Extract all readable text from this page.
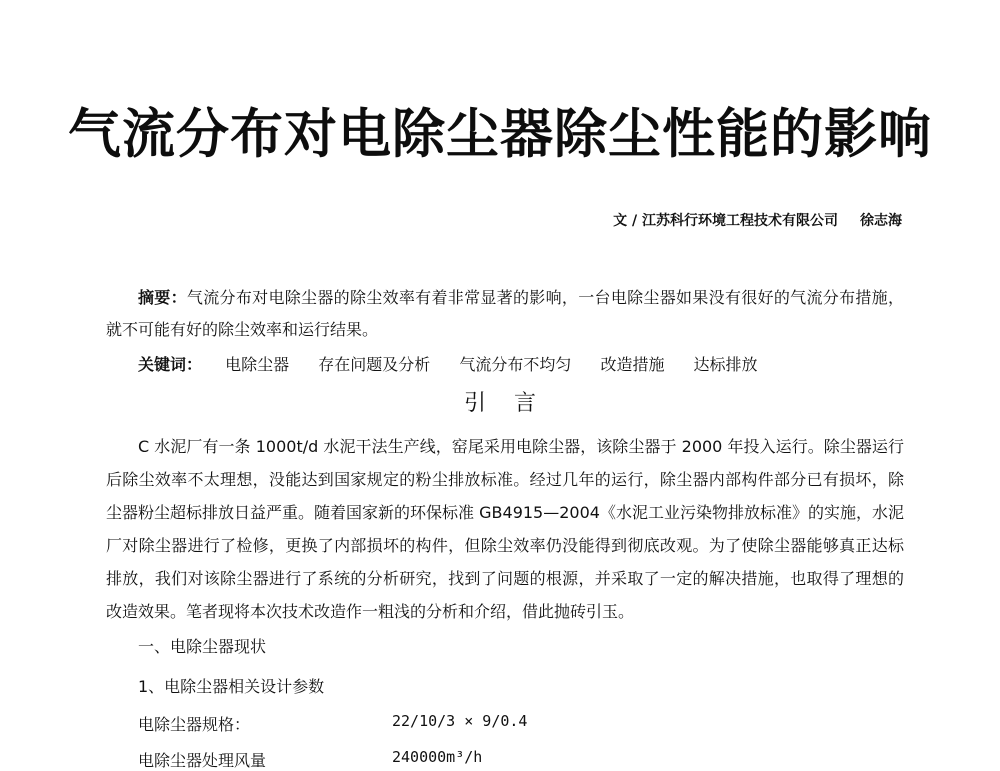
气流分布对电除尘器除尘性能的影响
文 / 江苏科行环境工程技术有限公司 徐志海

摘要：气流分布对电除尘器的除尘效率有着非常显著的影响，一台电除尘器如果没有很好的气流分布措施，就不可能有好的除尘效率和运行结果。

关键词： 电除尘器 存在问题及分析 气流分布不均匀 改造措施 达标排放
引言

C 水泥厂有一条 1000t/d 水泥干法生产线，窑尾采用电除尘器，该除尘器于 2000 年投入运行。除尘器运行后除尘效率不太理想，没能达到国家规定的粉尘排放标准。经过几年的运行，除尘器内部构件部分已有损坏，除尘器粉尘超标排放日益严重。随着国家新的环保标准 GB4915—2004《水泥工业污染物排放标准》的实施，水泥厂对除尘器进行了检修，更换了内部损坏的构件，但除尘效率仍没能得到彻底改观。为了使除尘器能够真正达标排放，我们对该除尘器进行了系统的分析研究，找到了问题的根源，并采取了一定的解决措施，也取得了理想的改造效果。笔者现将本次技术改造作一粗浅的分析和介绍，借此抛砖引玉。

一、电除尘器现状
1、电除尘器相关设计参数
电除尘器规格：	22/10/3 × 9/0.4
电除尘器处理风量	240000m³/h
